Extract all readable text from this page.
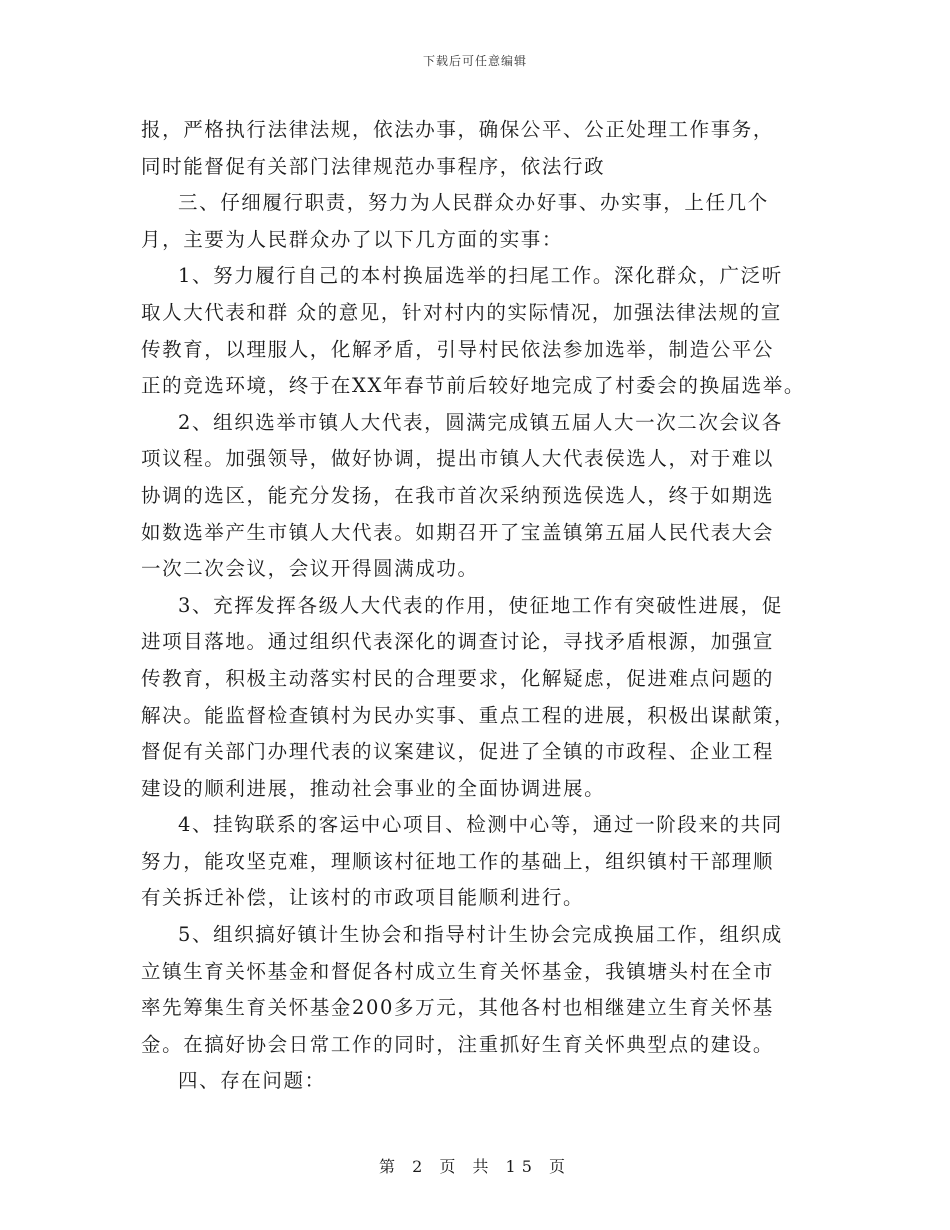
下载后可任意编辑
报，严格执行法律法规，依法办事，确保公平、公正处理工作事务，
同时能督促有关部门法律规范办事程序，依法行政
三、仔细履行职责，努力为人民群众办好事、办实事，上任几个
月，主要为人民群众办了以下几方面的实事：
1、努力履行自己的本村换届选举的扫尾工作。深化群众，广泛听
取人大代表和群 众的意见，针对村内的实际情况，加强法律法规的宣
传教育，以理服人，化解矛盾，引导村民依法参加选举，制造公平公
正的竞选环境，终于在XX年春节前后较好地完成了村委会的换届选举。
2、组织选举市镇人大代表，圆满完成镇五届人大一次二次会议各
项议程。加强领导，做好协调，提出市镇人大代表侯选人，对于难以
协调的选区，能充分发扬，在我市首次采纳预选侯选人，终于如期选
如数选举产生市镇人大代表。如期召开了宝盖镇第五届人民代表大会
一次二次会议，会议开得圆满成功。
3、充挥发挥各级人大代表的作用，使征地工作有突破性进展，促
进项目落地。通过组织代表深化的调查讨论，寻找矛盾根源，加强宣
传教育，积极主动落实村民的合理要求，化解疑虑，促进难点问题的
解决。能监督检查镇村为民办实事、重点工程的进展，积极出谋献策，
督促有关部门办理代表的议案建议，促进了全镇的市政程、企业工程
建设的顺利进展，推动社会事业的全面协调进展。
4、挂钩联系的客运中心项目、检测中心等，通过一阶段来的共同
努力，能攻坚克难，理顺该村征地工作的基础上，组织镇村干部理顺
有关拆迁补偿，让该村的市政项目能顺利进行。
5、组织搞好镇计生协会和指导村计生协会完成换届工作，组织成
立镇生育关怀基金和督促各村成立生育关怀基金，我镇塘头村在全市
率先筹集生育关怀基金200多万元，其他各村也相继建立生育关怀基
金。在搞好协会日常工作的同时，注重抓好生育关怀典型点的建设。
四、存在问题：
第 2 页 共 15 页
